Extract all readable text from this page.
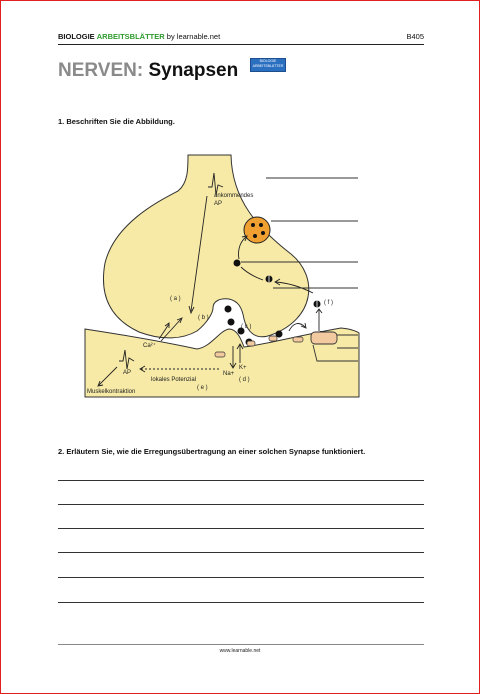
BIOLOGIE ARBEITSBLÄTTER by learnable.net	B405
NERVEN: Synapsen	BIOLOGIE ARBEITSBLÄTTER
1. Beschriften Sie die Abbildung.
ankommendes
AP
Ca²⁺
Na+
K+
AP
lokales Potenzial
Muskelkontraktion
( a )
( b )
( c )
( d )
( e )
( f )
2. Erläutern Sie, wie die Erregungsübertragung an einer solchen Synapse funktioniert.
www.learnable.net
